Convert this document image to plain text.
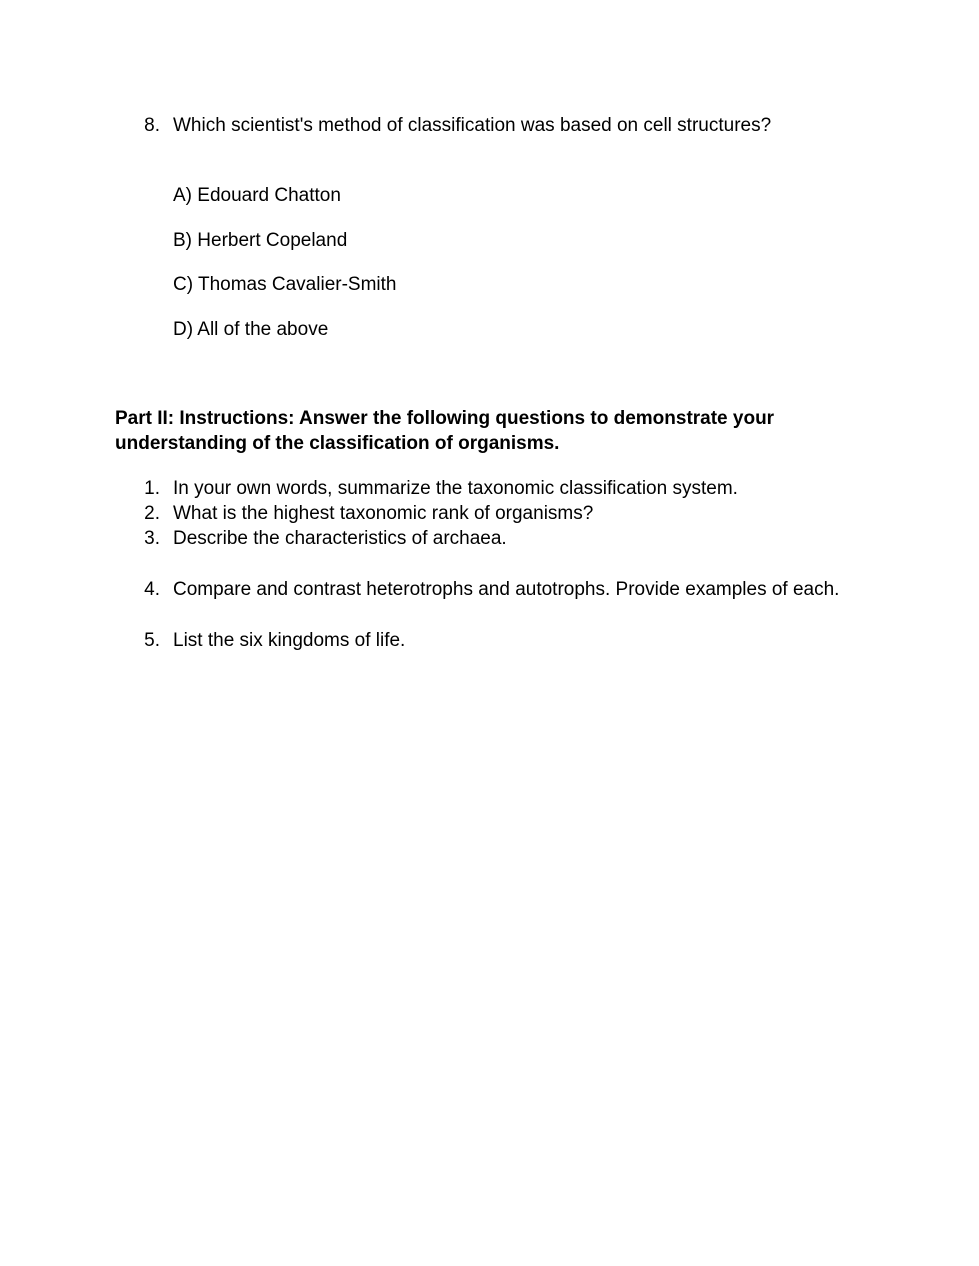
8. Which scientist's method of classification was based on cell structures?
A) Edouard Chatton
B) Herbert Copeland
C) Thomas Cavalier-Smith
D) All of the above
Part II: Instructions: Answer the following questions to demonstrate your
understanding of the classification of organisms.
1. In your own words, summarize the taxonomic classification system.
2. What is the highest taxonomic rank of organisms?
3. Describe the characteristics of archaea.
4. Compare and contrast heterotrophs and autotrophs. Provide examples of each.
5. List the six kingdoms of life.
